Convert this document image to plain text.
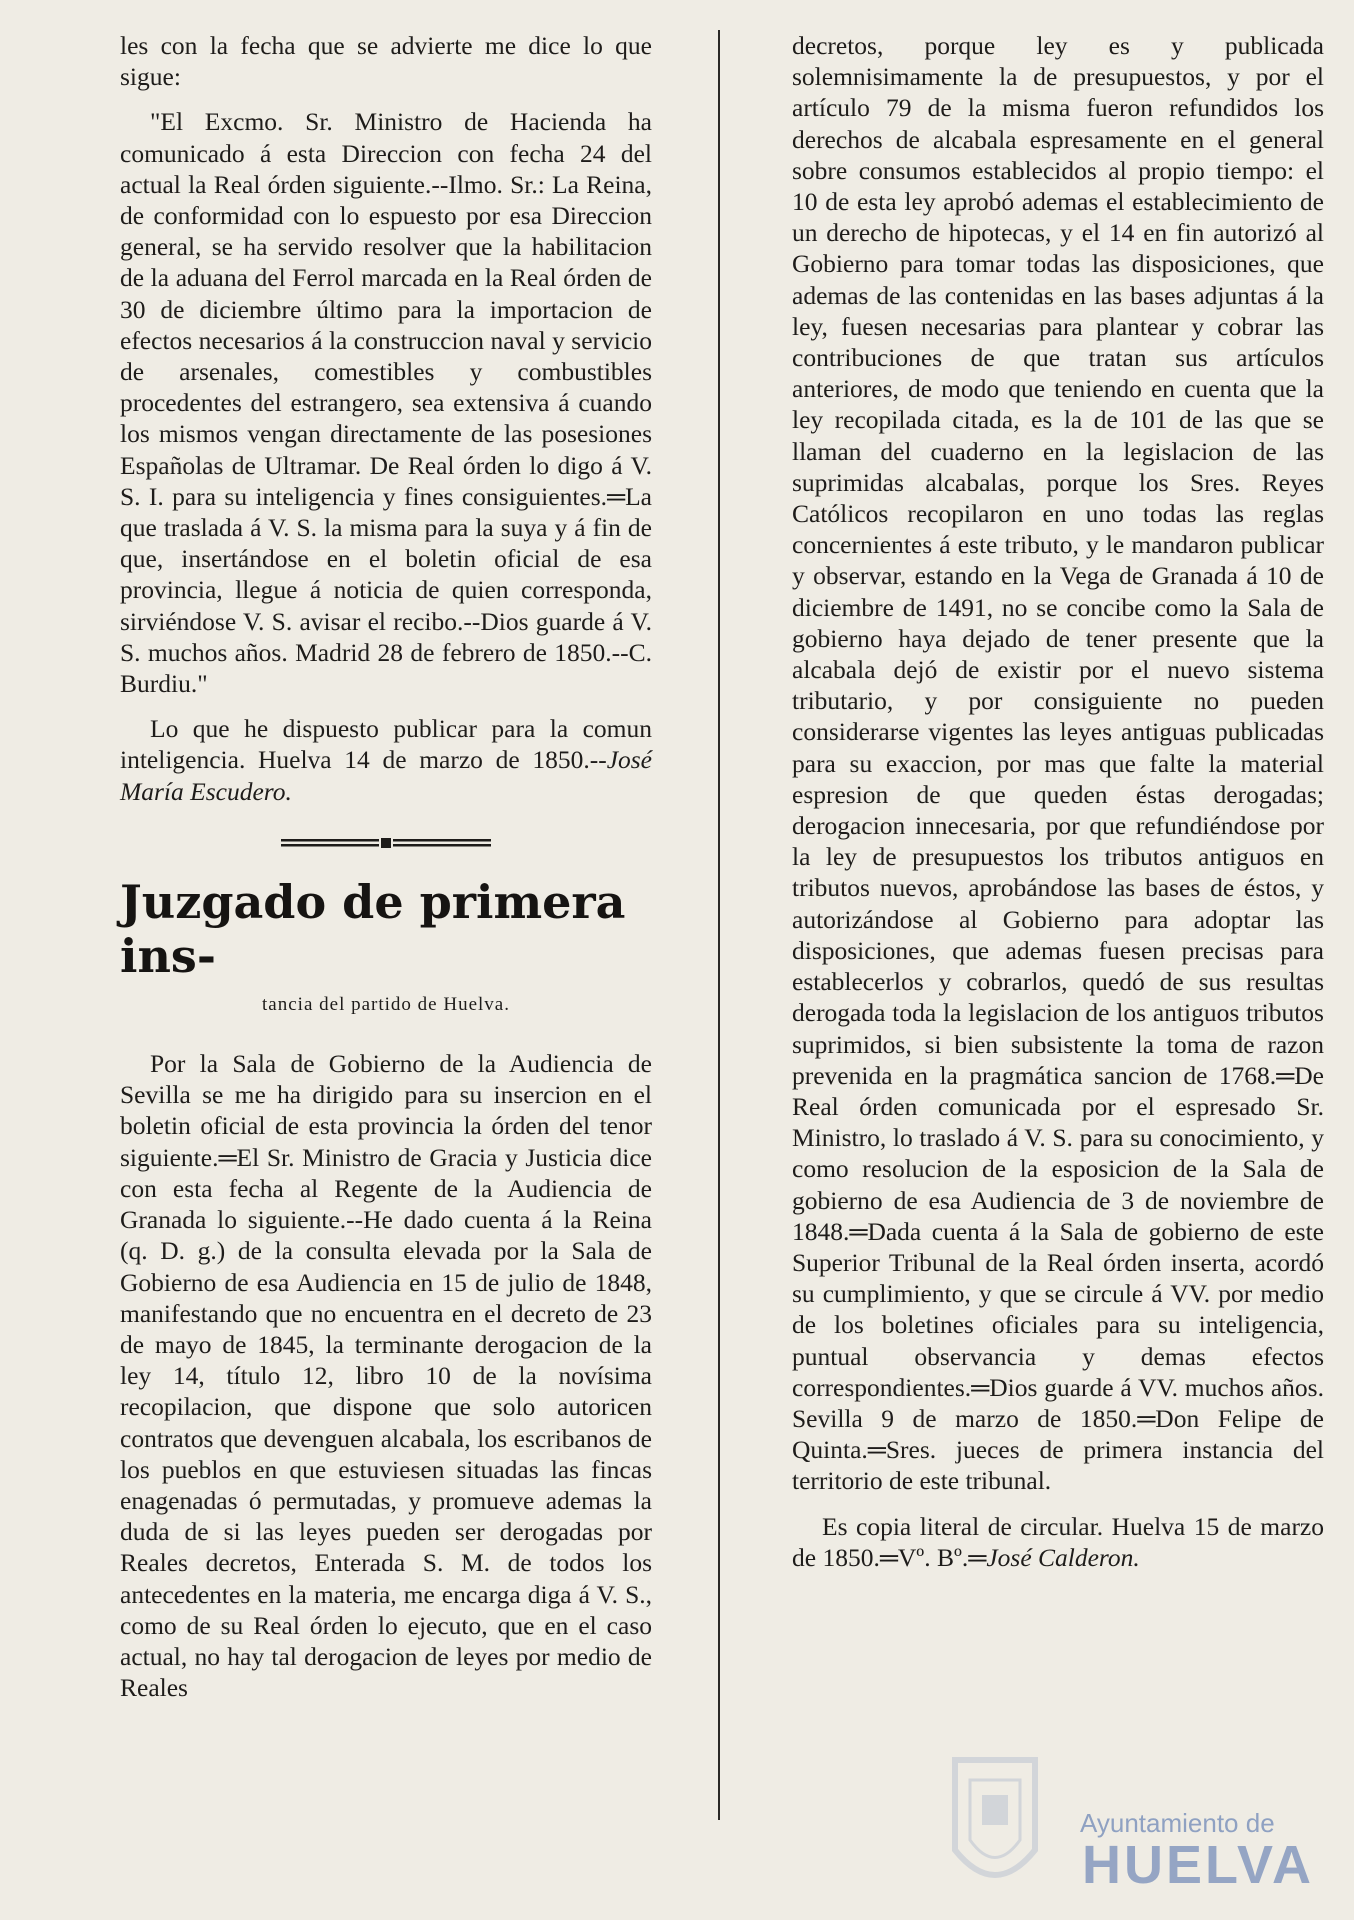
les con la fecha que se advierte me dice lo que sigue:

"El Excmo. Sr. Ministro de Hacienda ha comunicado á esta Direccion con fecha 24 del actual la Real órden siguiente.--Ilmo. Sr.: La Reina, de conformidad con lo espuesto por esa Direccion general, se ha servido resolver que la habilitacion de la aduana del Ferrol marcada en la Real órden de 30 de diciembre último para la importacion de efectos necesarios á la construccion naval y servicio de arsenales, comestibles y combustibles procedentes del estrangero, sea extensiva á cuando los mismos vengan directamente de las posesiones Españolas de Ultramar. De Real órden lo digo á V. S. I. para su inteligencia y fines consiguientes.═La que traslada á V. S. la misma para la suya y á fin de que, insertándose en el boletin oficial de esa provincia, llegue á noticia de quien corresponda, sirviéndose V. S. avisar el recibo.--Dios guarde á V. S. muchos años. Madrid 28 de febrero de 1850.--C. Burdiu."

Lo que he dispuesto publicar para la comun inteligencia. Huelva 14 de marzo de 1850.--José María Escudero.

Juzgado de primera ins-
tancia del partido de Huelva.

Por la Sala de Gobierno de la Audiencia de Sevilla se me ha dirigido para su insercion en el boletin oficial de esta provincia la órden del tenor siguiente.═El Sr. Ministro de Gracia y Justicia dice con esta fecha al Regente de la Audiencia de Granada lo siguiente.--He dado cuenta á la Reina (q. D. g.) de la consulta elevada por la Sala de Gobierno de esa Audiencia en 15 de julio de 1848, manifestando que no encuentra en el decreto de 23 de mayo de 1845, la terminante derogacion de la ley 14, título 12, libro 10 de la novísima recopilacion, que dispone que solo autoricen contratos que devenguen alcabala, los escribanos de los pueblos en que estuviesen situadas las fincas enagenadas ó permutadas, y promueve ademas la duda de si las leyes pueden ser derogadas por Reales decretos, Enterada S. M. de todos los antecedentes en la materia, me encarga diga á V. S., como de su Real órden lo ejecuto, que en el caso actual, no hay tal derogacion de leyes por medio de Reales

decretos, porque ley es y publicada solemnisimamente la de presupuestos, y por el artículo 79 de la misma fueron refundidos los derechos de alcabala espresamente en el general sobre consumos establecidos al propio tiempo: el 10 de esta ley aprobó ademas el establecimiento de un derecho de hipotecas, y el 14 en fin autorizó al Gobierno para tomar todas las disposiciones, que ademas de las contenidas en las bases adjuntas á la ley, fuesen necesarias para plantear y cobrar las contribuciones de que tratan sus artículos anteriores, de modo que teniendo en cuenta que la ley recopilada citada, es la de 101 de las que se llaman del cuaderno en la legislacion de las suprimidas alcabalas, porque los Sres. Reyes Católicos recopilaron en uno todas las reglas concernientes á este tributo, y le mandaron publicar y observar, estando en la Vega de Granada á 10 de diciembre de 1491, no se concibe como la Sala de gobierno haya dejado de tener presente que la alcabala dejó de existir por el nuevo sistema tributario, y por consiguiente no pueden considerarse vigentes las leyes antiguas publicadas para su exaccion, por mas que falte la material espresion de que queden éstas derogadas; derogacion innecesaria, por que refundiéndose por la ley de presupuestos los tributos antiguos en tributos nuevos, aprobándose las bases de éstos, y autorizándose al Gobierno para adoptar las disposiciones, que ademas fuesen precisas para establecerlos y cobrarlos, quedó de sus resultas derogada toda la legislacion de los antiguos tributos suprimidos, si bien subsistente la toma de razon prevenida en la pragmática sancion de 1768.═De Real órden comunicada por el espresado Sr. Ministro, lo traslado á V. S. para su conocimiento, y como resolucion de la esposicion de la Sala de gobierno de esa Audiencia de 3 de noviembre de 1848.═Dada cuenta á la Sala de gobierno de este Superior Tribunal de la Real órden inserta, acordó su cumplimiento, y que se circule á VV. por medio de los boletines oficiales para su inteligencia, puntual observancia y demas efectos correspondientes.═Dios guarde á VV. muchos años. Sevilla 9 de marzo de 1850.═Don Felipe de Quinta.═Sres. jueces de primera instancia del territorio de este tribunal.

Es copia literal de circular. Huelva 15 de marzo de 1850.═Vº. Bº.═José Calderon.

Ayuntamiento de
HUELVA
